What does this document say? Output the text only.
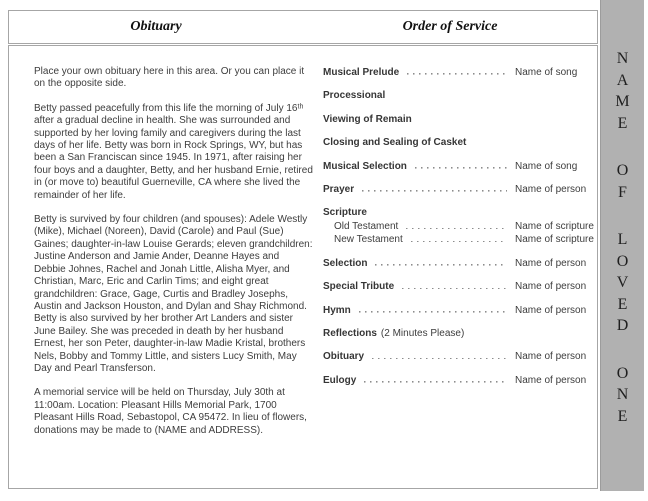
Obituary	Order of Service

Place your own obituary here in this area. Or you can place it on the opposite side.

Betty passed peacefully from this life the morning of July 16ᵗʰ after a gradual decline in health. She was surrounded and supported by her loving family and caregivers during the last days of her life. Betty was born in Rock Springs, WY, but has been a San Franciscan since 1945. In 1971, after raising her four boys and a daughter, Betty, and her husband Ernie, retired in (or move to) beautiful Guerneville, CA where she lived the remainder of her life.

Betty is survived by four children (and spouses): Adele Westly (Mike), Michael (Noreen), David (Carole) and Paul (Sue) Gaines; daughter-in-law Louise Gerards; eleven grandchildren: Justine Anderson and Jamie Ander, Deanne Hayes and Debbie Johnes, Rachel and Jonah Little, Alisha Myer, and Christian, Marc, Eric and Carlin Tims; and eight great grandchildren: Grace, Gage, Curtis and Bradley Josephs, Austin and Jackson Houston, and Dylan and Shay Richmond. Betty is also survived by her brother Art Landers and sister June Bailey. She was preceded in death by her husband Ernest, her son Peter, daughter-in-law Madie Kristal, brothers Nels, Bobby and Tommy Little, and sisters Lucy Smith, May Day and Pearl Transferson.

A memorial service will be held on Thursday, July 30th at 11:00am. Location: Pleasant Hills Memorial Park, 1700 Pleasant Hills Road, Sebastopol, CA 95472. In lieu of flowers, donations may be made to (NAME and ADDRESS).

Musical Prelude	Name of song
Processional
Viewing of Remain
Closing and Sealing of Casket
Musical Selection	Name of song
Prayer	Name of person
Scripture
Old Testament	Name of scripture
New Testament	Name of scripture
Selection	Name of person
Special Tribute	Name of person
Hymn	Name of person
Reflections (2 Minutes Please)
Obituary	Name of person
Eulogy	Name of person
N
A
M
E
O
F
L
O
V
E
D
O
N
E
